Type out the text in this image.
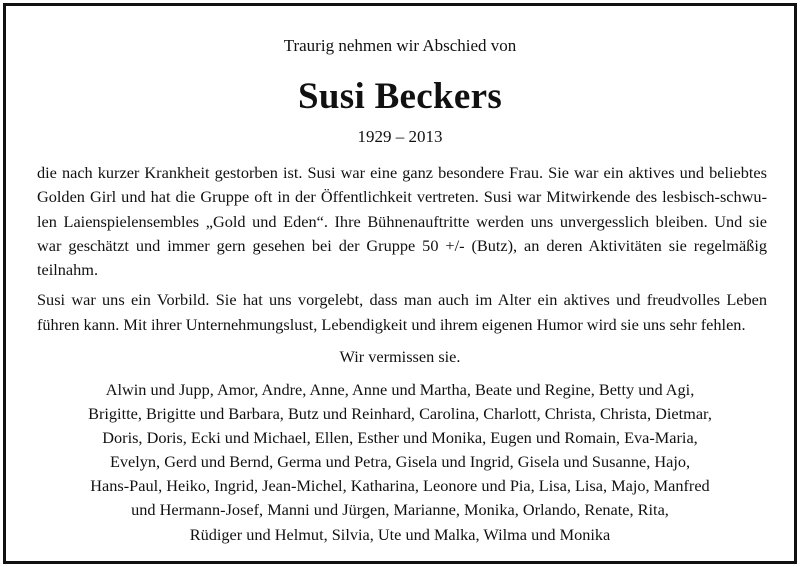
Traurig nehmen wir Abschied von
Susi Beckers
1929 – 2013
die nach kurzer Krankheit gestorben ist. Susi war eine ganz besondere Frau. Sie war ein aktives und beliebtes
Golden Girl und hat die Gruppe oft in der Öffentlichkeit vertreten. Susi war Mitwirkende des lesbisch-schwu-
len Laienspielensembles „Gold und Eden“. Ihre Bühnenauftritte werden uns unvergesslich bleiben. Und sie
war geschätzt und immer gern gesehen bei der Gruppe 50 +/- (Butz), an deren Aktivitäten sie regelmäßig
teilnahm.
Susi war uns ein Vorbild. Sie hat uns vorgelebt, dass man auch im Alter ein aktives und freudvolles Leben
führen kann. Mit ihrer Unternehmungslust, Lebendigkeit und ihrem eigenen Humor wird sie uns sehr fehlen.
Wir vermissen sie.
Alwin und Jupp, Amor, Andre, Anne, Anne und Martha, Beate und Regine, Betty und Agi,
Brigitte, Brigitte und Barbara, Butz und Reinhard, Carolina, Charlott, Christa, Christa, Dietmar,
Doris, Doris, Ecki und Michael, Ellen, Esther und Monika, Eugen und Romain, Eva-Maria,
Evelyn, Gerd und Bernd, Germa und Petra, Gisela und Ingrid, Gisela und Susanne, Hajo,
Hans-Paul, Heiko, Ingrid, Jean-Michel, Katharina, Leonore und Pia, Lisa, Lisa, Majo, Manfred
und Hermann-Josef, Manni und Jürgen, Marianne, Monika, Orlando, Renate, Rita,
Rüdiger und Helmut, Silvia, Ute und Malka, Wilma und Monika
